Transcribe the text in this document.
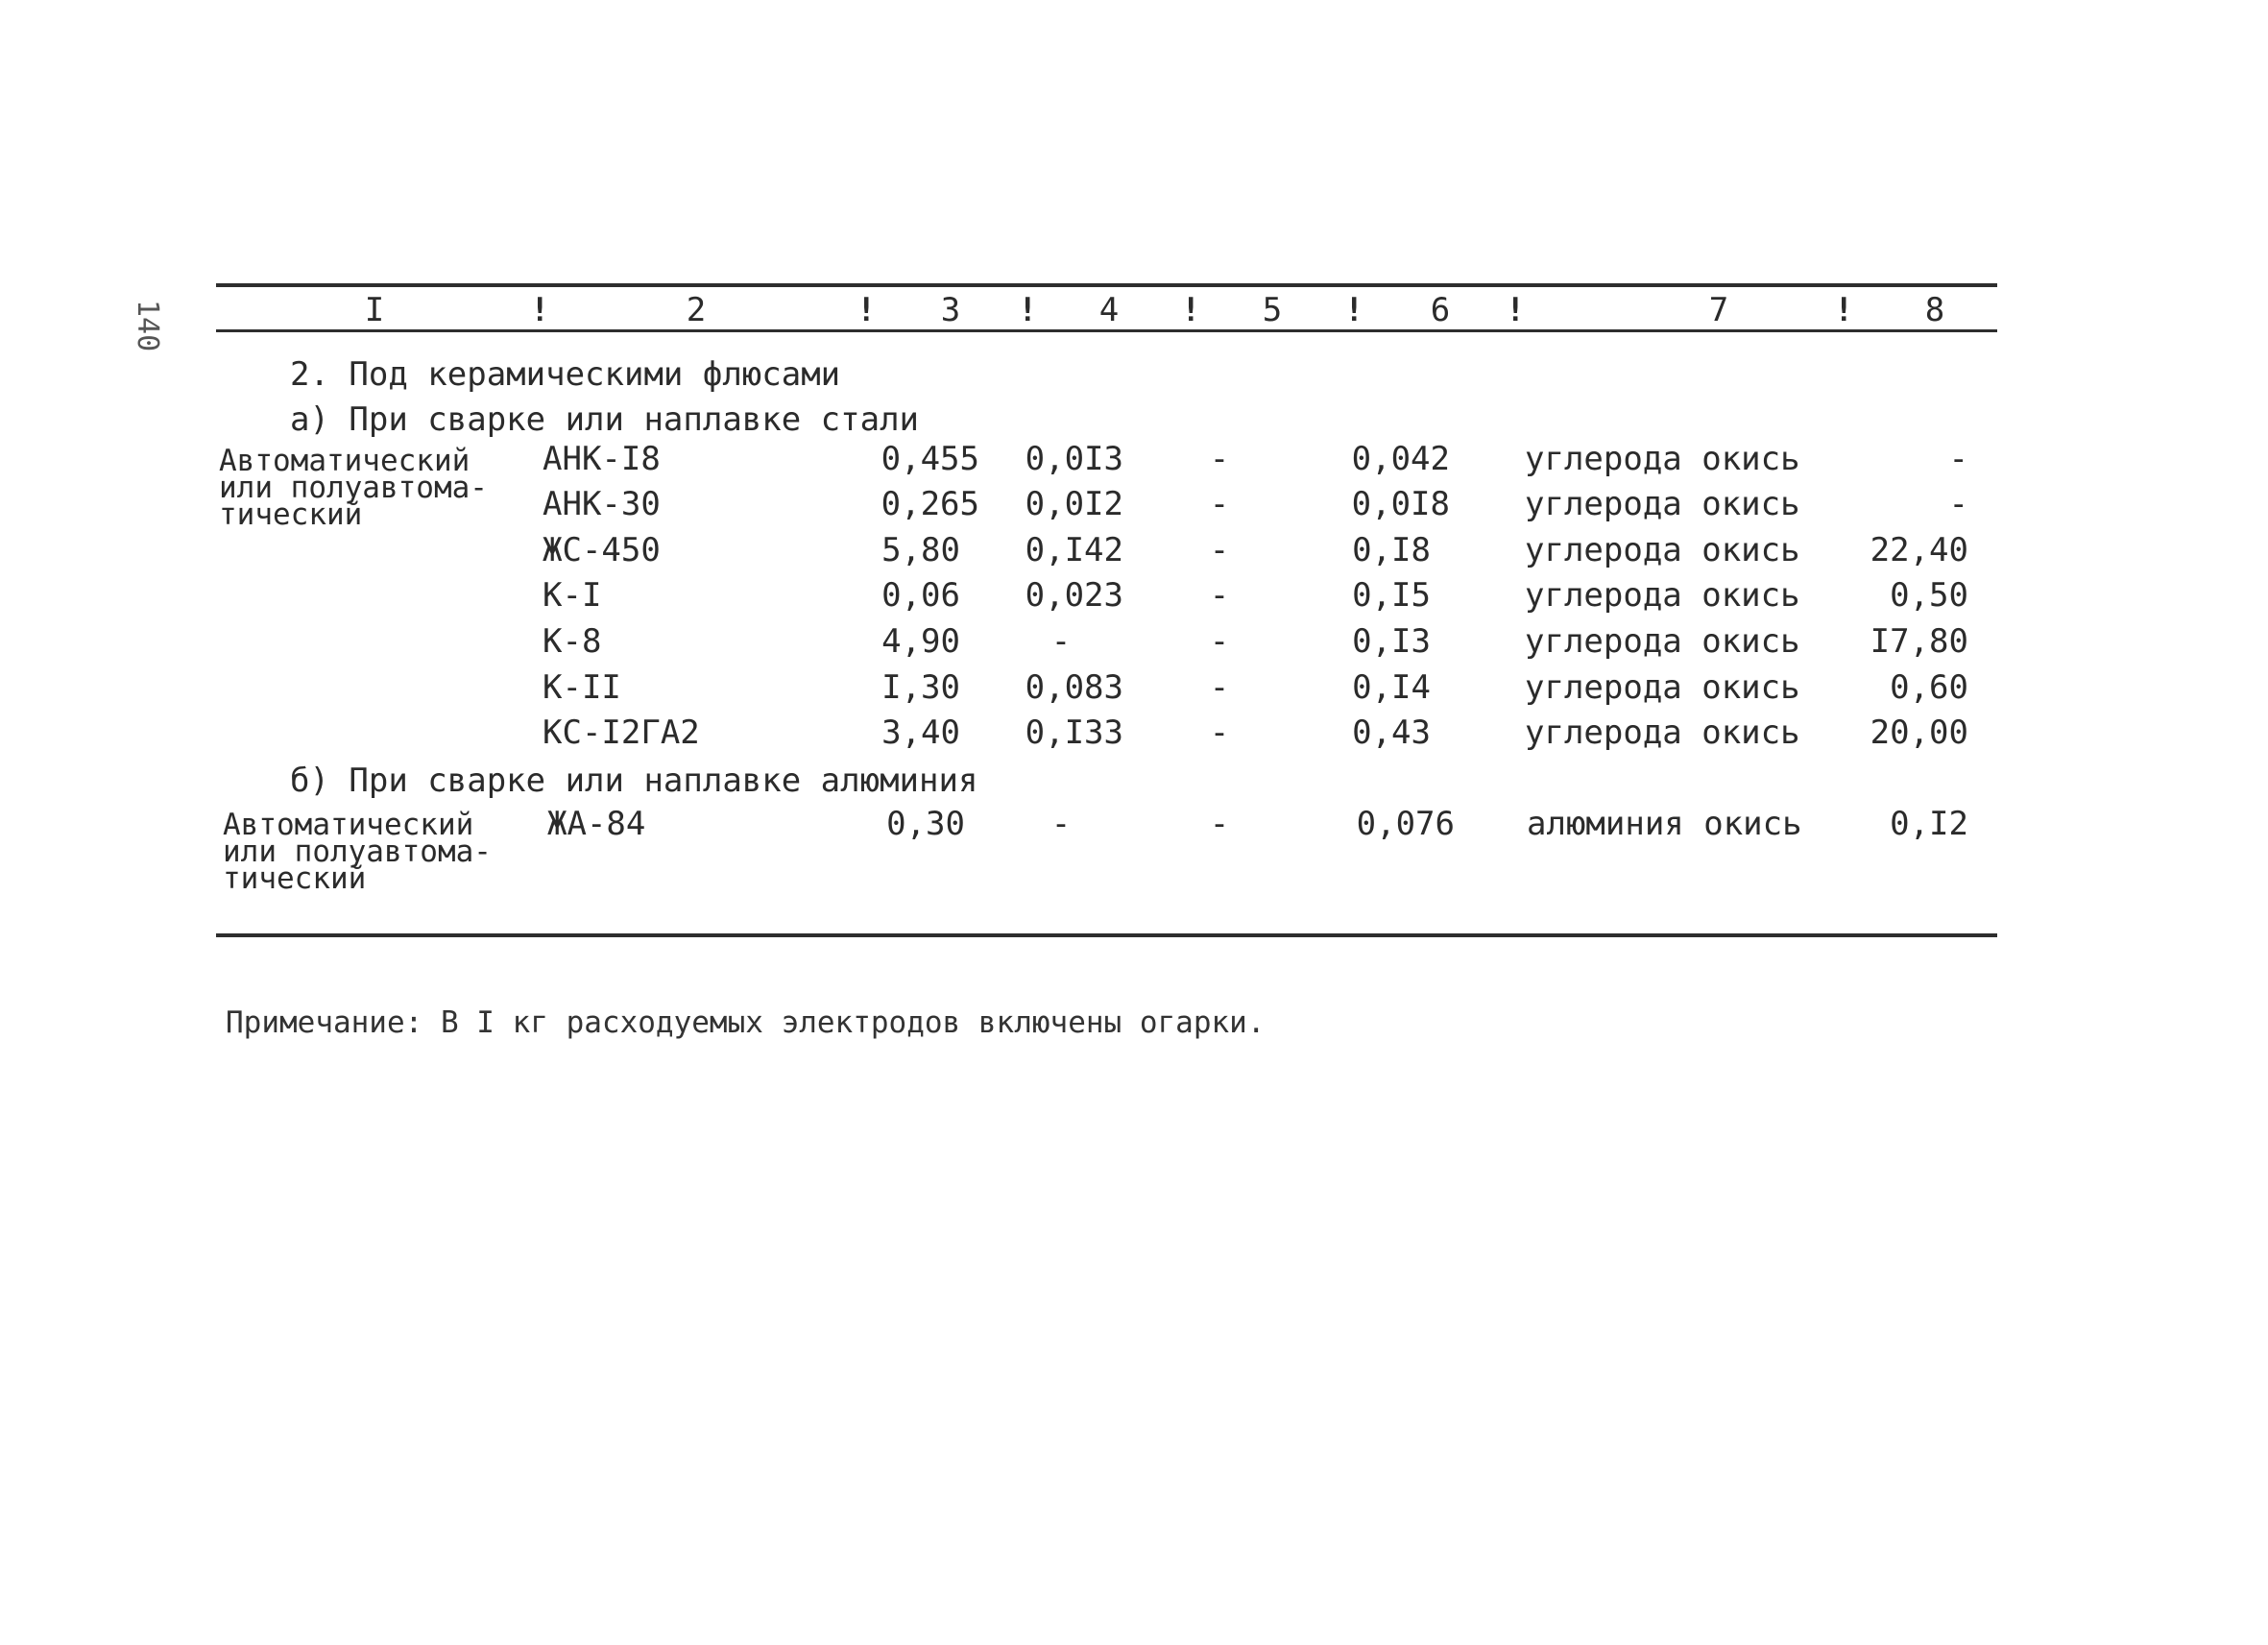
140	I	!	2	!	3	!	4	!	5	!	6	!	7	!	8
2. Под керамическими флюсами
а) При сварке или наплавке стали
Автоматический или полуавтома-тический
АНК-I8	0,455	0,0I3	-	0,042 углерода окись	-
АНК-30	0,265	0,0I2	-	0,0I8 углерода окись	-
ЖС-450	5,80	0,I42	-	0,I8	углерода окись	22,40
К-I	0,06	0,023	-	0,I5	углерода окись	0,50
К-8	4,90	-	-	0,I3	углерода окись	I7,80
К-II	I,30	0,083	-	0,I4	углерода окись	0,60
КС-I2ГА2	3,40	0,I33	-	0,43	углерода окись	20,00
б) При сварке или наплавке алюминия
Автоматический или полуавтома-тический
ЖА-84	0,30	-	-	0,076 алюминия окись	0,I2
Примечание: В I кг расходуемых электродов включены огарки.
